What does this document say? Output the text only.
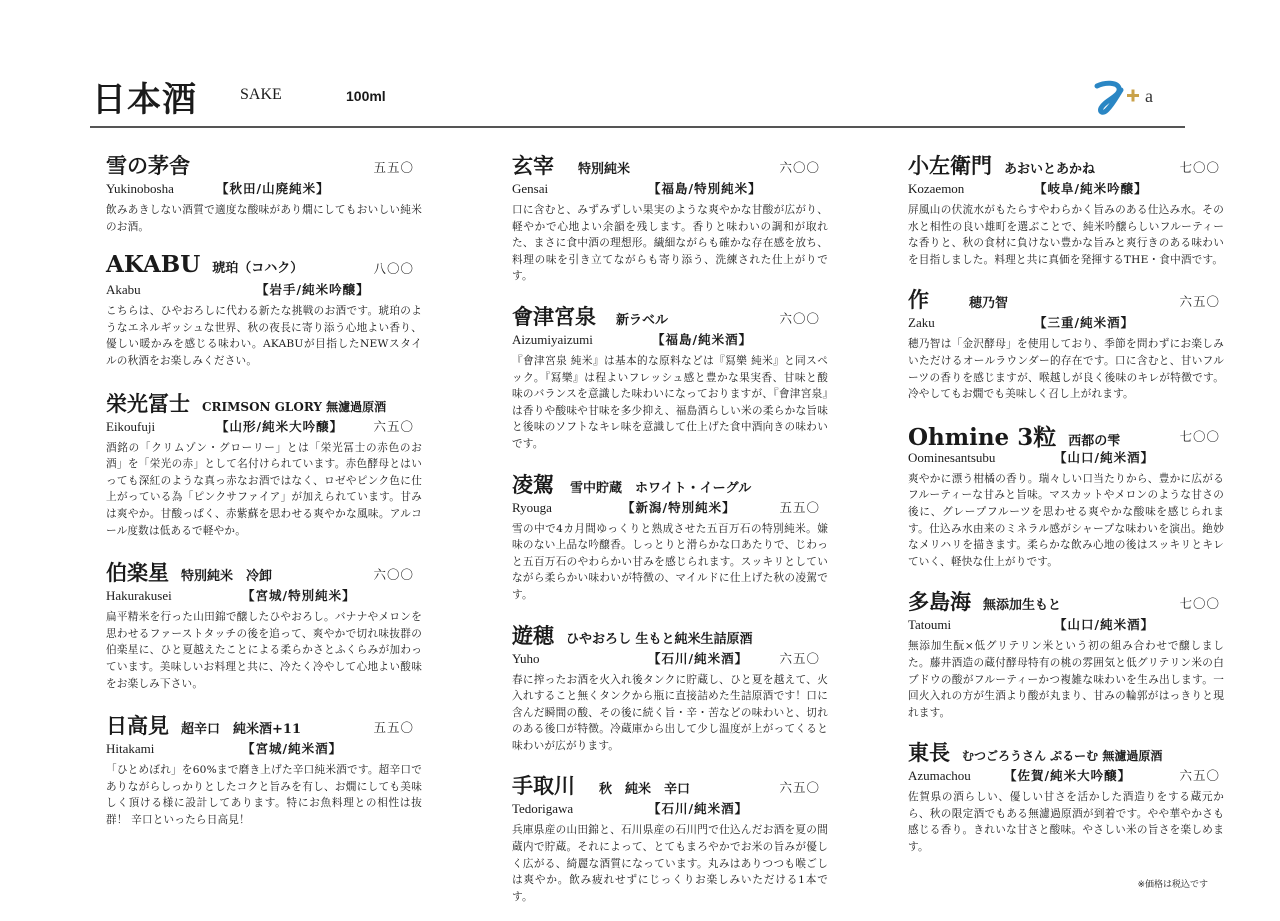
日本酒	SAKE	100ml	a
雪の茅舎	五五〇
Yukinobosha	【秋田/山廃純米】
飲みあきしない酒質で適度な酸味があり燗にしてもおいしい純米のお酒。
AKABU 琥珀（コハク）	八〇〇
Akabu	【岩手/純米吟醸】
こちらは、ひやおろしに代わる新たな挑戦のお酒です。琥珀のようなエネルギッシュな世界、秋の夜長に寄り添う心地よい香り、優しい暖かみを感じる味わい。AKABUが目指したNEWスタイルの秋酒をお楽しみください。
栄光冨士 CRIMSON GLORY 無濾過原酒
Eikoufuji	【山形/純米大吟醸】 六五〇
酒銘の「クリムゾン・グローリー」とは「栄光冨士の赤色のお酒」を「栄光の赤」として名付けられています。赤色酵母とはいっても深紅のような真っ赤なお酒ではなく、ロゼやピンク色に仕上がっている為「ピンクサファイア」が加えられています。甘みは爽やか。甘酸っぱく、赤紫蘇を思わせる爽やかな風味。アルコール度数は低あるで軽やか。
伯楽星 特別純米　冷卸	六〇〇
Hakurakusei	【宮城/特別純米】
扁平精米を行った山田錦で醸したひやおろし。バナナやメロンを思わせるファーストタッチの後を追って、爽やかで切れ味抜群の伯楽星に、ひと夏越えたことによる柔らかさとふくらみが加わっています。美味しいお料理と共に、冷たく冷やして心地よい酸味をお楽しみ下さい。
日高見 超辛口　純米酒+11	五五〇
Hitakami	【宮城/純米酒】
「ひとめぼれ」を60%まで磨き上げた辛口純米酒です。超辛口でありながらしっかりとしたコクと旨みを有し、お燗にしても美味しく頂ける様に設計してあります。特にお魚料理との相性は抜群！ 辛口といったら日高見！
玄宰 特別純米	六〇〇
Gensai	【福島/特別純米】
口に含むと、みずみずしい果実のような爽やかな甘酸が広がり、軽やかで心地よい余韻を残します。香りと味わいの調和が取れた、まさに食中酒の理想形。繊細ながらも確かな存在感を放ち、料理の味を引き立てながらも寄り添う、洗練された仕上がりです。
會津宮泉 新ラベル	六〇〇
Aizumiyaizumi	【福島/純米酒】
『會津宮泉 純米』は基本的な原料などは『冩樂 純米』と同スペック。『冩樂』は程よいフレッシュ感と豊かな果実香、甘味と酸味のバランスを意識した味わいになっておりますが、『會津宮泉』は香りや酸味や甘味を多少抑え、福島酒らしい米の柔らかな旨味と後味のソフトなキレ味を意識して仕上げた食中酒向きの味わいです。
凌駕 雪中貯蔵　ホワイト・イーグル
Ryouga	【新潟/特別純米】	五五〇
雪の中で4カ月間ゆっくりと熟成させた五百万石の特別純米。嫌味のない上品な吟醸香。しっとりと滑らかな口あたりで、じわっと五百万石のやわらかい甘みを感じられます。スッキリとしていながら柔らかい味わいが特徴の、マイルドに仕上げた秋の凌駕です。
遊穂 ひやおろし 生もと純米生詰原酒
Yuho	【石川/純米酒】	六五〇
春に搾ったお酒を火入れ後タンクに貯蔵し、ひと夏を越えて、火入れすること無くタンクから瓶に直接詰めた生詰原酒です！口に含んだ瞬間の酸、その後に続く旨・辛・苦などの味わいと、切れのある後口が特徴。冷蔵庫から出して少し温度が上がってくると味わいが広がります。
手取川 秋　純米　辛口	六五〇
Tedorigawa	【石川/純米酒】
兵庫県産の山田錦と、石川県産の石川門で仕込んだお酒を夏の間蔵内で貯蔵。それによって、とてもまろやかでお米の旨みが優しく広がる、綺麗な酒質になっています。丸みはありつつも喉ごしは爽やか。飲み疲れせずにじっくりお楽しみいただける1本です。
小左衛門 あおいとあかね	七〇〇
Kozaemon	【岐阜/純米吟醸】
屏風山の伏流水がもたらすやわらかく旨みのある仕込み水。その水と相性の良い雄町を選ぶことで、純米吟醸らしいフルーティーな香りと、秋の食材に負けない豊かな旨みと爽行きのある味わいを目指しました。料理と共に真価を発揮するTHE・食中酒です。
作	穂乃智	六五〇
Zaku	【三重/純米酒】
穂乃智は「金沢酵母」を使用しており、季節を問わずにお楽しみいただけるオールラウンダー的存在です。口に含むと、甘いフルーツの香りを感じますが、喉越しが良く後味のキレが特徴です。冷やしてもお燗でも美味しく召し上がれます。
Ohmine 3粒 西都の雫	七〇〇
Oominesantsubu	【山口/純米酒】
爽やかに漂う柑橘の香り。瑞々しい口当たりから、豊かに広がるフルーティーな甘みと旨味。マスカットやメロンのような甘さの後に、グレープフルーツを思わせる爽やかな酸味を感じられます。仕込み水由来のミネラル感がシャープな味わいを演出。絶妙なメリハリを描きます。柔らかな飲み心地の後はスッキリとキレていく、軽快な仕上がりです。
多島海 無添加生もと	七〇〇
Tatoumi	【山口/純米酒】
無添加生酛×低グリテリン米という初の組み合わせで醸しました。藤井酒造の蔵付酵母特有の桃の雰囲気と低グリテリン米の白ブドウの酸がフルーティーかつ複雑な味わいを生み出します。一回火入れの方が生酒より酸が丸まり、甘みの輪郭がはっきりと現れます。
東長 むつごろうさん ぷるーむ 無濾過原酒
Azumachou	【佐賀/純米大吟醸】	六五〇
佐賀県の酒らしい、優しい甘さを活かした酒造りをする蔵元から、秋の限定酒でもある無濾過原酒が到着です。やや華やかさも感じる香り。きれいな甘さと酸味。やさしい米の旨さを楽しめます。
※価格は税込です
